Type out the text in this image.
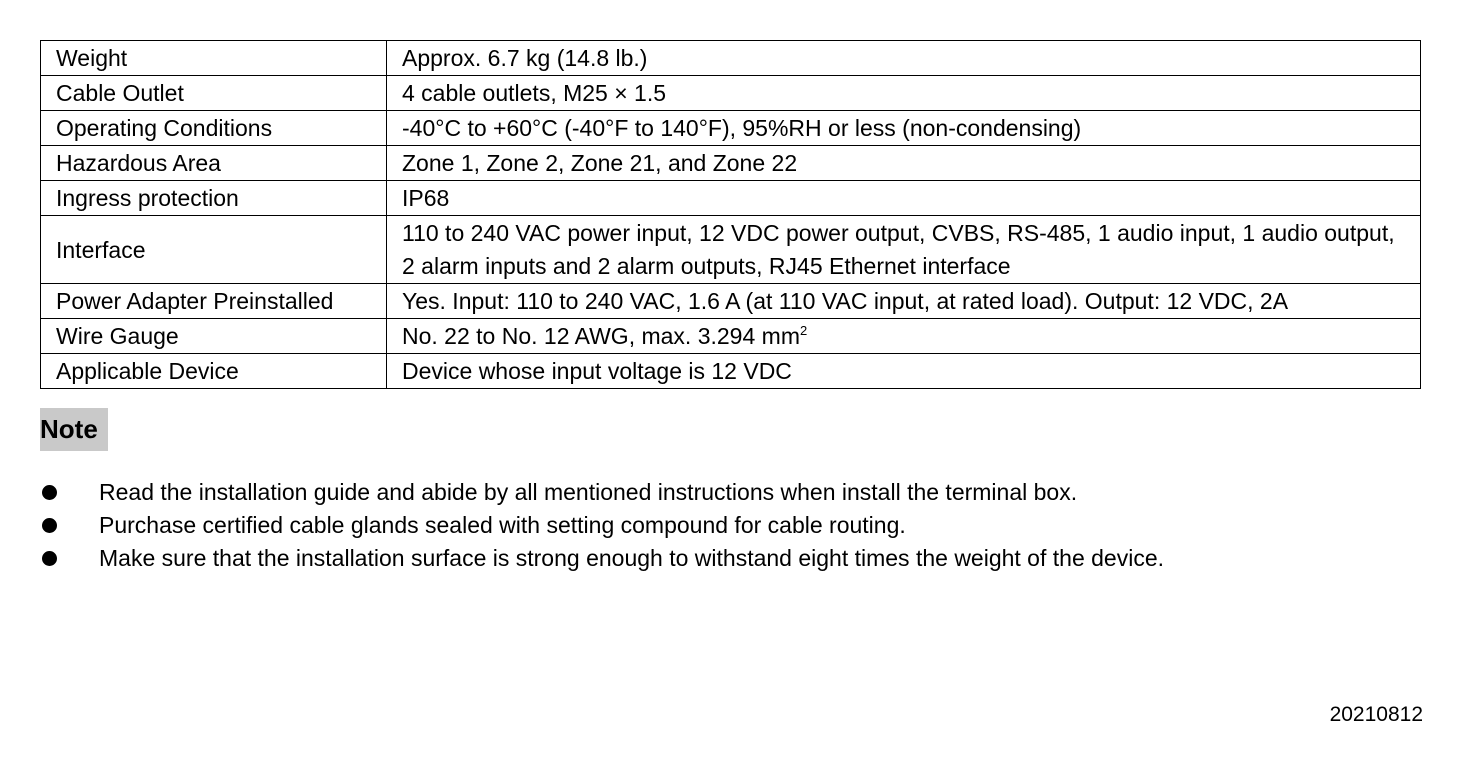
Weight	Approx. 6.7 kg (14.8 lb.)
Cable Outlet	4 cable outlets, M25 × 1.5
Operating Conditions	-40°C to +60°C (-40°F to 140°F), 95%RH or less (non-condensing)
Hazardous Area	Zone 1, Zone 2, Zone 21, and Zone 22
Ingress protection	IP68
Interface	110 to 240 VAC power input, 12 VDC power output, CVBS, RS-485, 1 audio input, 1 audio output, 2 alarm inputs and 2 alarm outputs, RJ45 Ethernet interface
Power Adapter Preinstalled	Yes. Input: 110 to 240 VAC, 1.6 A (at 110 VAC input, at rated load). Output: 12 VDC, 2A
Wire Gauge	No. 22 to No. 12 AWG, max. 3.294 $mm^2$
Applicable Device	Device whose input voltage is 12 VDC
Note
Read the installation guide and abide by all mentioned instructions when install the terminal box.
Purchase certified cable glands sealed with setting compound for cable routing.
Make sure that the installation surface is strong enough to withstand eight times the weight of the device.
20210812
